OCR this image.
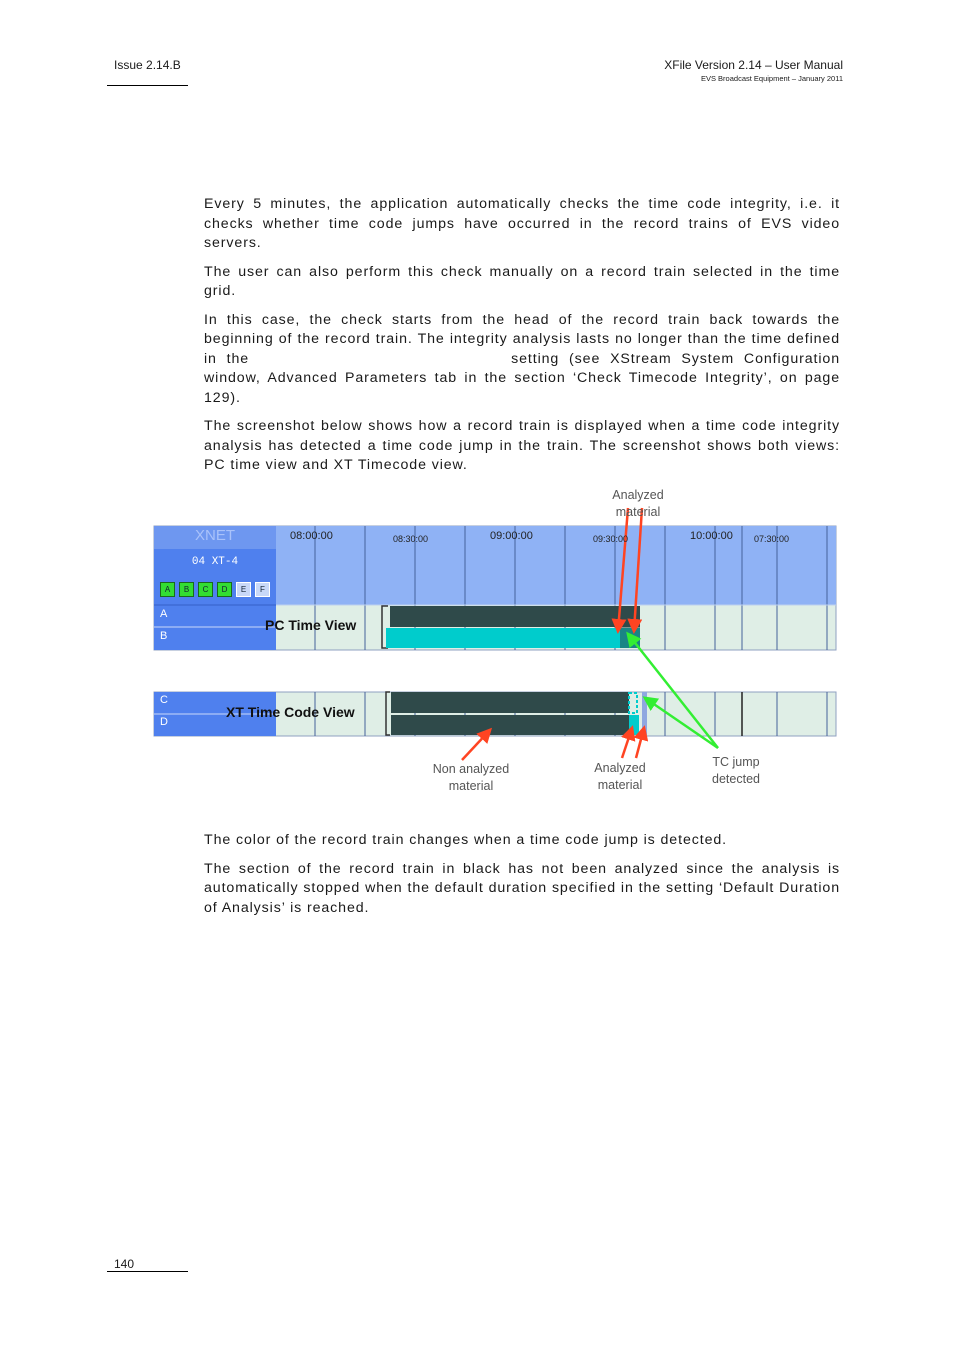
Issue 2.14.B	XFile Version 2.14 – User Manual
EVS Broadcast Equipment – January 2011

Every 5 minutes, the application automatically checks the time code integrity, i.e. it checks whether time code jumps have occurred in the record trains of EVS video servers.

The user can also perform this check manually on a record train selected in the time grid.

In this case, the check starts from the head of the record train back towards the beginning of the record train. The integrity analysis lasts no longer than the time defined in the	setting (see XStream System Configuration window, Advanced Parameters tab in the section ‘Check Timecode Integrity’, on page 129).

The screenshot below shows how a record train is displayed when a time code integrity analysis has detected a time code jump in the train. The screenshot shows both views: PC time view and XT Timecode view.

XNET
04 XT-4
A	B	C	D	E	F
08:00:00	08:30:00	09:00:00	09:30:00	10:00:00 07:30:00
A
B
C
D
PC Time View
XT Time Code View
Analyzed
material
Non analyzed
material
Analyzed
material
TC jump
detected

The color of the record train changes when a time code jump is detected.

The section of the record train in black has not been analyzed since the analysis is automatically stopped when the default duration specified in the setting ‘Default Duration of Analysis’ is reached.

140
